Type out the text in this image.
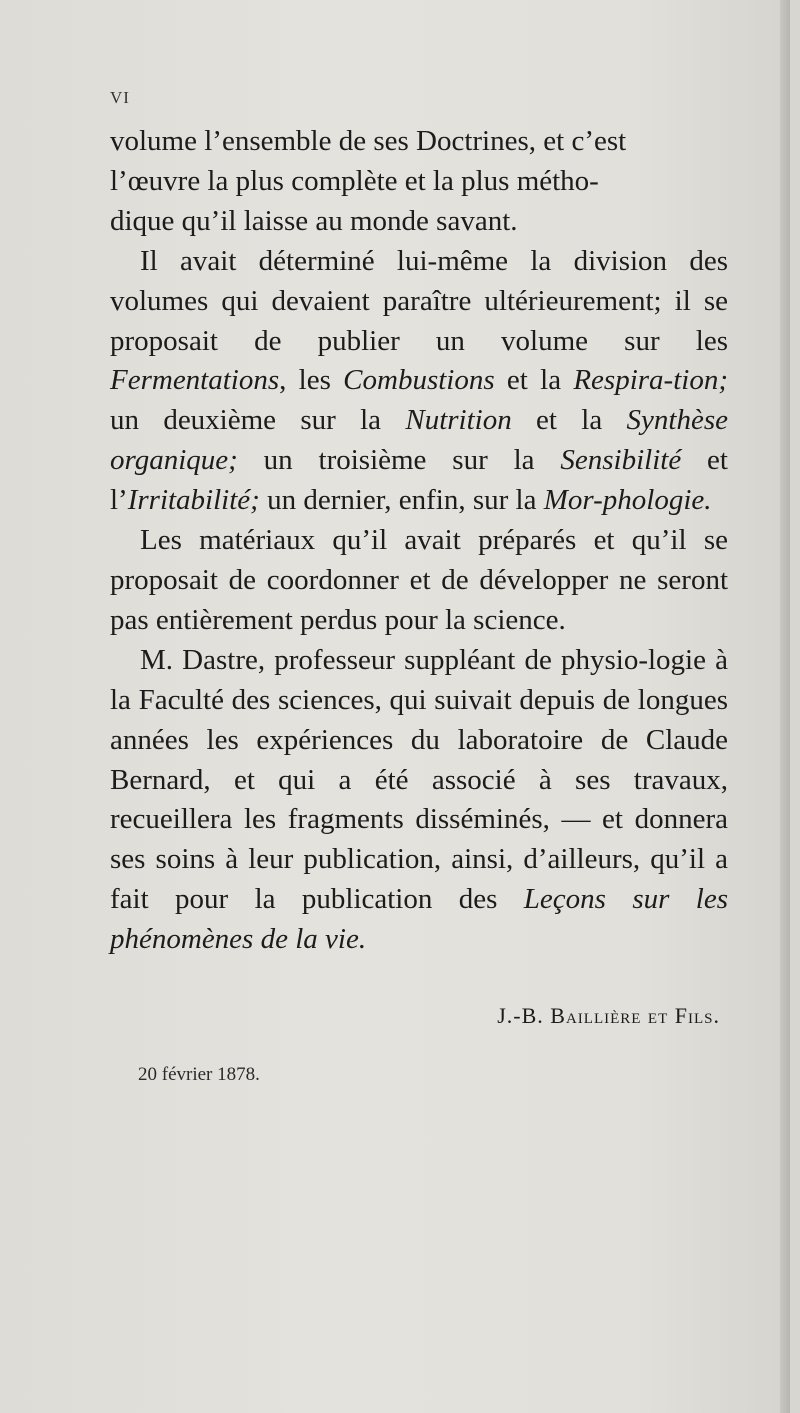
VI

volume l’ensemble de ses Doctrines, et c’est
l’œuvre la plus complète et la plus métho-
dique qu’il laisse au monde savant.

Il avait déterminé lui-même la division des volumes qui devaient paraître ultérieurement; il se proposait de publier un volume sur les Fermentations, les Combustions et la Respira-tion; un deuxième sur la Nutrition et la Synthèse organique; un troisième sur la Sensibilité et l’Irritabilité; un dernier, enfin, sur la Mor-phologie.

Les matériaux qu’il avait préparés et qu’il se proposait de coordonner et de développer ne seront pas entièrement perdus pour la science.

M. Dastre, professeur suppléant de physio-logie à la Faculté des sciences, qui suivait depuis de longues années les expériences du laboratoire de Claude Bernard, et qui a été associé à ses travaux, recueillera les fragments disséminés, — et donnera ses soins à leur publication, ainsi, d’ailleurs, qu’il a fait pour la publication des Leçons sur les phénomènes de la vie.

J.-B. Baillière et Fils.
20 février 1878.
